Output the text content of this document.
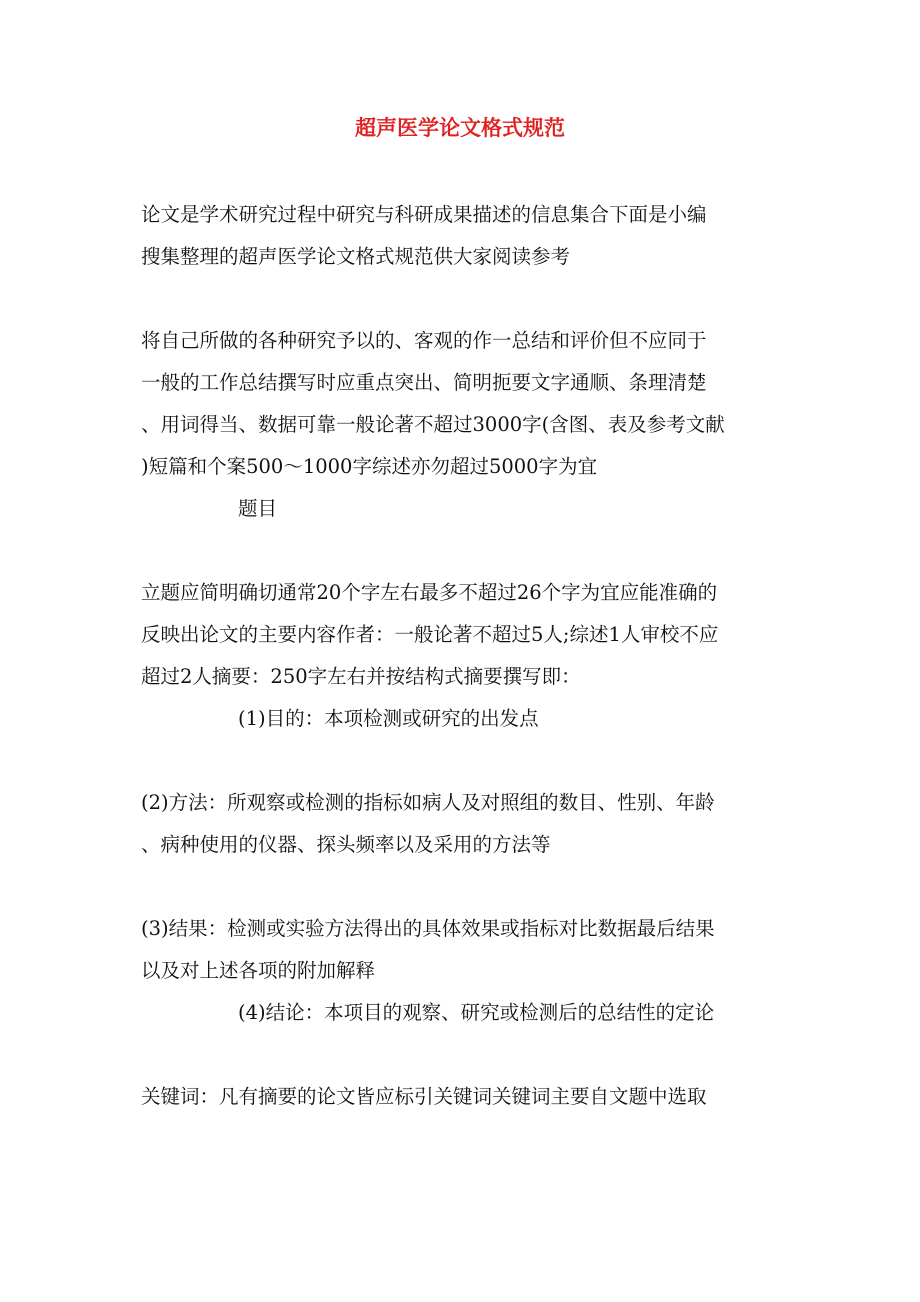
超声医学论文格式规范
论文是学术研究过程中研究与科研成果描述的信息集合下面是小编
搜集整理的超声医学论文格式规范供大家阅读参考
将自己所做的各种研究予以的、客观的作一总结和评价但不应同于
一般的工作总结撰写时应重点突出、简明扼要文字通顺、条理清楚
、用词得当、数据可靠一般论著不超过3000字(含图、表及参考文献
)短篇和个案500～1000字综述亦勿超过5000字为宜
题目
立题应简明确切通常20个字左右最多不超过26个字为宜应能准确的
反映出论文的主要内容作者：一般论著不超过5人;综述1人审校不应
超过2人摘要：250字左右并按结构式摘要撰写即：
(1)目的：本项检测或研究的出发点
(2)方法：所观察或检测的指标如病人及对照组的数目、性别、年龄
、病种使用的仪器、探头频率以及采用的方法等
(3)结果：检测或实验方法得出的具体效果或指标对比数据最后结果
以及对上述各项的附加解释
(4)结论：本项目的观察、研究或检测后的总结性的定论
关键词：凡有摘要的论文皆应标引关键词关键词主要自文题中选取
